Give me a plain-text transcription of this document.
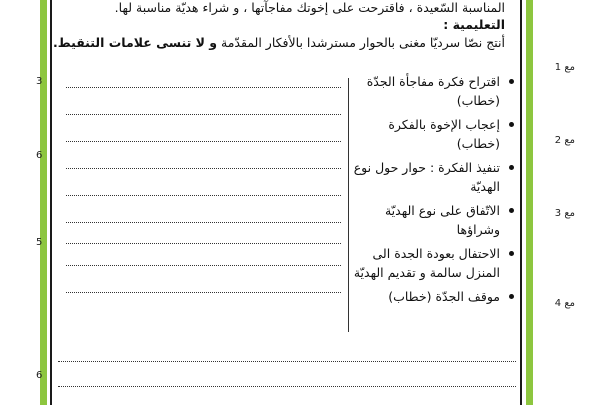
المناسبة السّعيدة ، فاقترحت على إخوتك مفاجآتها ، و شراء هديّة مناسبة لها.
التعليمية :
أنتج نصّا سرديّا مغنى بالحوار مسترشدا بالأفكار المقدّمة و لا تنسى علامات التنقيط.
3
6
5
6
مع 1
مع 2
مع 3
مع 4
اقتراح فكرة مفاجأة الجدّة (خطاب)
إعجاب الإخوة بالفكرة (خطاب)
تنفيذ الفكرة : حوار حول نوع الهديّة
الاتّفاق على نوع الهديّة وشراؤها
الاحتفال بعودة الجدة الى المنزل سالمة و تقديم الهديّة
موقف الجدّة (خطاب)
